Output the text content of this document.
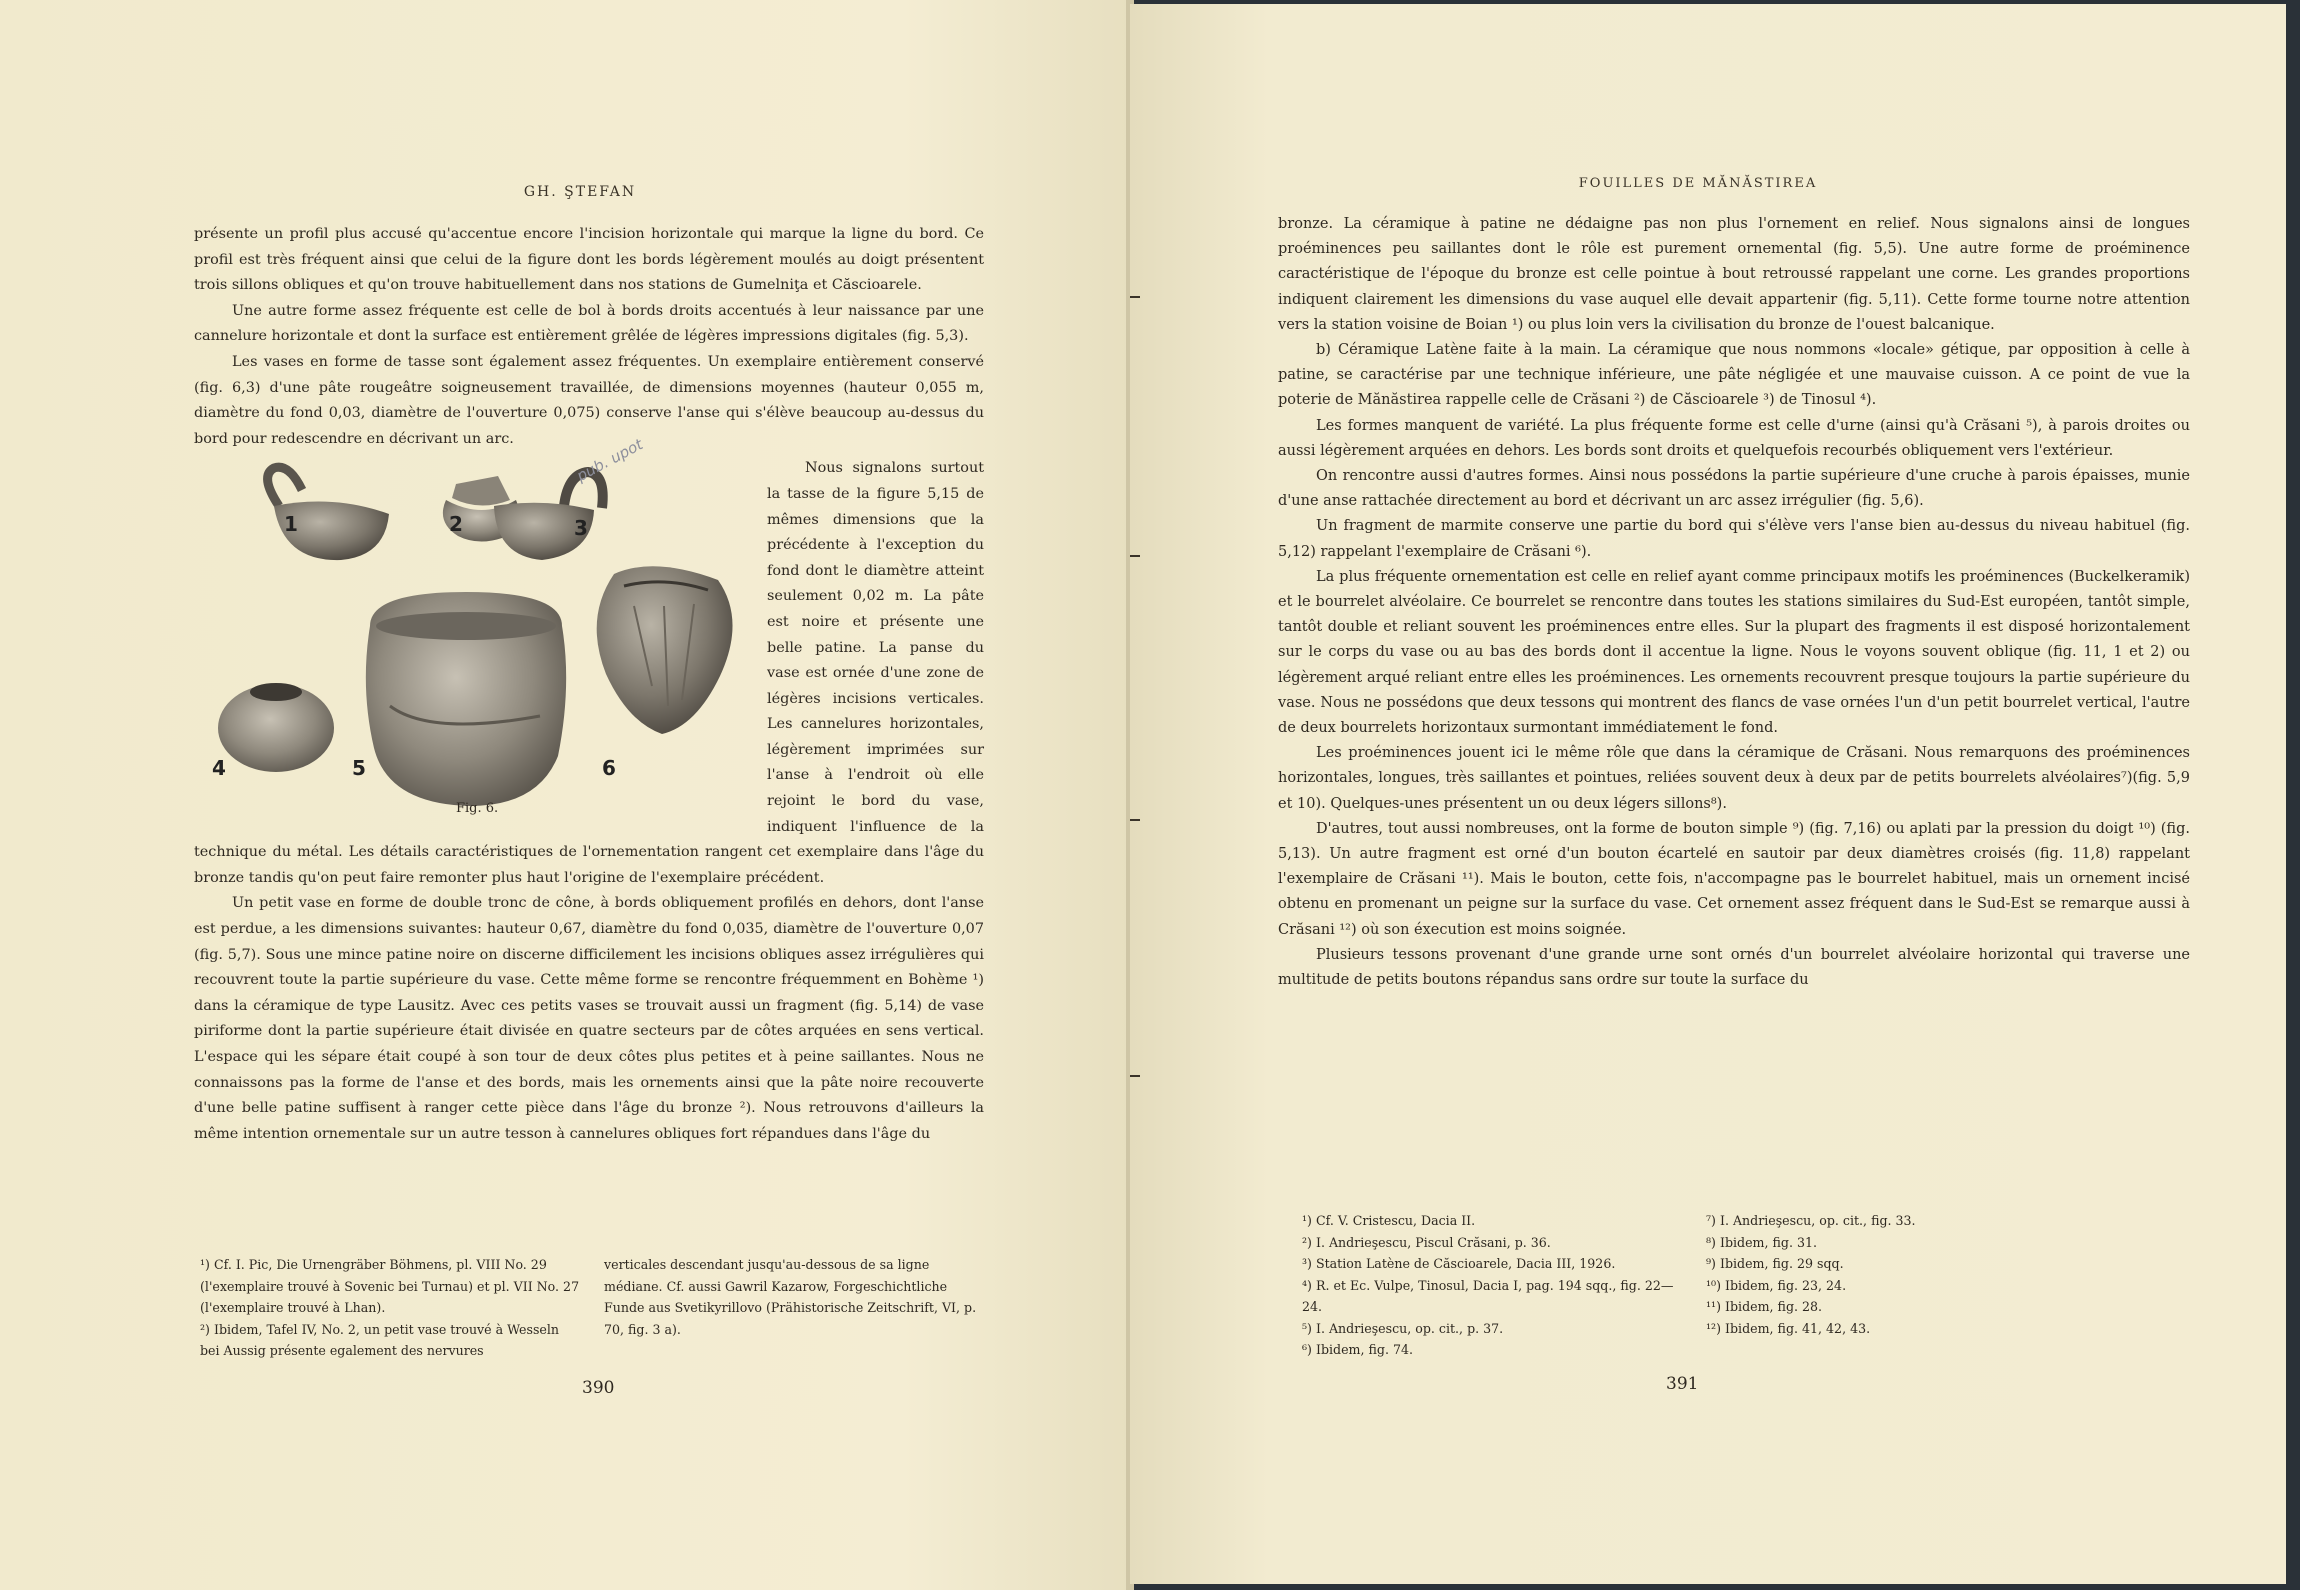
GH. ŞTEFAN

présente un profil plus accusé qu'accentue encore l'incision horizontale qui marque la ligne du bord. Ce profil est très fréquent ainsi que celui de la figure dont les bords légèrement moulés au doigt présentent trois sillons obliques et qu'on trouve habituellement dans nos stations de Gumelniţa et Căscioarele.

Une autre forme assez fréquente est celle de bol à bords droits accentués à leur naissance par une cannelure horizontale et dont la surface est entièrement grêlée de légères impressions digitales (fig. 5,3).

Les vases en forme de tasse sont également assez fréquentes. Un exemplaire entièrement conservé (fig. 6,3) d'une pâte rougeâtre soigneusement travaillée, de dimensions moyennes (hauteur 0,055 m, diamètre du fond 0,03, diamètre de l'ouverture 0,075) conserve l'anse qui s'élève beaucoup au-dessus du bord pour redescendre en décrivant un arc.

1	2	3
4	5	6
pub. upot
Fig. 6.

Nous signalons surtout la tasse de la figure 5,15 de mêmes dimensions que la précédente à l'exception du fond dont le diamètre atteint seulement 0,02 m. La pâte est noire et présente une belle patine. La panse du vase est ornée d'une zone de légères incisions verticales. Les cannelures horizontales, légèrement imprimées sur l'anse à l'endroit où elle rejoint le bord du vase, indiquent l'influence de la technique du métal. Les détails caractéristiques de l'ornementation rangent cet exemplaire dans l'âge du bronze tandis qu'on peut faire remonter plus haut l'origine de l'exemplaire précédent.

Un petit vase en forme de double tronc de cône, à bords obliquement profilés en dehors, dont l'anse est perdue, a les dimensions suivantes: hauteur 0,67, diamètre du fond 0,035, diamètre de l'ouverture 0,07 (fig. 5,7). Sous une mince patine noire on discerne difficilement les incisions obliques assez irrégulières qui recouvrent toute la partie supérieure du vase. Cette même forme se rencontre fréquemment en Bohème ¹) dans la céramique de type Lausitz. Avec ces petits vases se trouvait aussi un fragment (fig. 5,14) de vase piriforme dont la partie supérieure était divisée en quatre secteurs par de côtes arquées en sens vertical. L'espace qui les sépare était coupé à son tour de deux côtes plus petites et à peine saillantes. Nous ne connaissons pas la forme de l'anse et des bords, mais les ornements ainsi que la pâte noire recouverte d'une belle patine suffisent à ranger cette pièce dans l'âge du bronze ²). Nous retrouvons d'ailleurs la même intention ornementale sur un autre tesson à cannelures obliques fort répandues dans l'âge du

¹) Cf. I. Pic, Die Urnengräber Böhmens, pl. VIII No. 29 (l'exemplaire trouvé à Sovenic bei Turnau) et pl. VII No. 27 (l'exemplaire trouvé à Lhan).

²) Ibidem, Tafel IV, No. 2, un petit vase trouvé à Wesseln bei Aussig présente egalement des nervures

verticales descendant jusqu'au-dessous de sa ligne médiane. Cf. aussi Gawril Kazarow, Forgeschichtliche Funde aus Svetikyrillovo (Prähistorische Zeitschrift, VI, p. 70, fig. 3 a).

390
FOUILLES DE MĂNĂSTIREA

bronze. La céramique à patine ne dédaigne pas non plus l'ornement en relief. Nous signalons ainsi de longues proéminences peu saillantes dont le rôle est purement ornemental (fig. 5,5). Une autre forme de proéminence caractéristique de l'époque du bronze est celle pointue à bout retroussé rappelant une corne. Les grandes proportions indiquent clairement les dimensions du vase auquel elle devait appartenir (fig. 5,11). Cette forme tourne notre attention vers la station voisine de Boian ¹) ou plus loin vers la civilisation du bronze de l'ouest balcanique.

b) Céramique Latène faite à la main. La céramique que nous nommons «locale» gétique, par opposition à celle à patine, se caractérise par une technique inférieure, une pâte négligée et une mauvaise cuisson. A ce point de vue la poterie de Mănăstirea rappelle celle de Crăsani ²) de Căscioarele ³) de Tinosul ⁴).

Les formes manquent de variété. La plus fréquente forme est celle d'urne (ainsi qu'à Crăsani ⁵), à parois droites ou aussi légèrement arquées en dehors. Les bords sont droits et quelquefois recourbés obliquement vers l'extérieur.

On rencontre aussi d'autres formes. Ainsi nous possédons la partie supérieure d'une cruche à parois épaisses, munie d'une anse rattachée directement au bord et décrivant un arc assez irrégulier (fig. 5,6).

Un fragment de marmite conserve une partie du bord qui s'élève vers l'anse bien au-dessus du niveau habituel (fig. 5,12) rappelant l'exemplaire de Crăsani ⁶).

La plus fréquente ornementation est celle en relief ayant comme principaux motifs les proéminences (Buckelkeramik) et le bourrelet alvéolaire. Ce bourrelet se rencontre dans toutes les stations similaires du Sud-Est européen, tantôt simple, tantôt double et reliant souvent les proéminences entre elles. Sur la plupart des fragments il est disposé horizontalement sur le corps du vase ou au bas des bords dont il accentue la ligne. Nous le voyons souvent oblique (fig. 11, 1 et 2) ou légèrement arqué reliant entre elles les proéminences. Les ornements recouvrent presque toujours la partie supérieure du vase. Nous ne possédons que deux tessons qui montrent des flancs de vase ornées l'un d'un petit bourrelet vertical, l'autre de deux bourrelets horizontaux surmontant immédiatement le fond.

Les proéminences jouent ici le même rôle que dans la céramique de Crăsani. Nous remarquons des proéminences horizontales, longues, très saillantes et pointues, reliées souvent deux à deux par de petits bourrelets alvéolaires⁷)(fig. 5,9 et 10). Quelques-unes présentent un ou deux légers sillons⁸).

D'autres, tout aussi nombreuses, ont la forme de bouton simple ⁹) (fig. 7,16) ou aplati par la pression du doigt ¹⁰) (fig. 5,13). Un autre fragment est orné d'un bouton écartelé en sautoir par deux diamètres croisés (fig. 11,8) rappelant l'exemplaire de Crăsani ¹¹). Mais le bouton, cette fois, n'accompagne pas le bourrelet habituel, mais un ornement incisé obtenu en promenant un peigne sur la surface du vase. Cet ornement assez fréquent dans le Sud-Est se remarque aussi à Crăsani ¹²) où son éxecution est moins soignée.

Plusieurs tessons provenant d'une grande urne sont ornés d'un bourrelet alvéolaire horizontal qui traverse une multitude de petits boutons répandus sans ordre sur toute la surface du

¹) Cf. V. Cristescu, Dacia II.

²) I. Andrieşescu, Piscul Crăsani, p. 36.

³) Station Latène de Căscioarele, Dacia III, 1926.

⁴) R. et Ec. Vulpe, Tinosul, Dacia I, pag. 194 sqq., fig. 22—24.

⁵) I. Andrieşescu, op. cit., p. 37.

⁶) Ibidem, fig. 74.

⁷) I. Andrieşescu, op. cit., fig. 33.

⁸) Ibidem, fig. 31.

⁹) Ibidem, fig. 29 sqq.

¹⁰) Ibidem, fig. 23, 24.

¹¹) Ibidem, fig. 28.

¹²) Ibidem, fig. 41, 42, 43.

391
